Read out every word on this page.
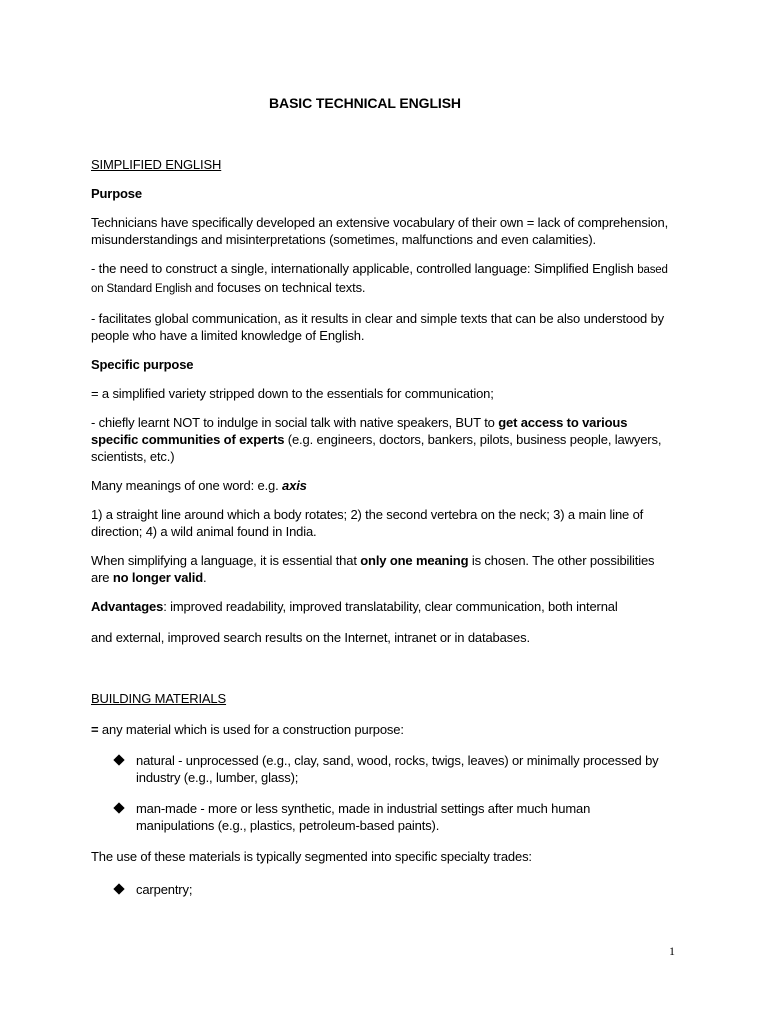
BASIC TECHNICAL ENGLISH

SIMPLIFIED ENGLISH

Purpose

Technicians have specifically developed an extensive vocabulary of their own = lack of comprehension, misunderstandings and misinterpretations (sometimes, malfunctions and even calamities).

- the need to construct a single, internationally applicable, controlled language: Simplified English based on Standard English and focuses on technical texts.

- facilitates global communication, as it results in clear and simple texts that can be also understood by people who have a limited knowledge of English.

Specific purpose

= a simplified variety stripped down to the essentials for communication;

- chiefly learnt NOT to indulge in social talk with native speakers, BUT to get access to various specific communities of experts (e.g. engineers, doctors, bankers, pilots, business people, lawyers, scientists, etc.)

Many meanings of one word: e.g. axis

1) a straight line around which a body rotates; 2) the second vertebra on the neck; 3) a main line of direction; 4) a wild animal found in India.

When simplifying a language, it is essential that only one meaning is chosen. The other possibilities are no longer valid.

Advantages: improved readability, improved translatability, clear communication, both internal

and external, improved search results on the Internet, intranet or in databases.

BUILDING MATERIALS

= any material which is used for a construction purpose:

natural - unprocessed (e.g., clay, sand, wood, rocks, twigs, leaves) or minimally processed by industry (e.g., lumber, glass);
man-made - more or less synthetic, made in industrial settings after much human manipulations (e.g., plastics, petroleum-based paints).

The use of these materials is typically segmented into specific specialty trades:

carpentry;
1
